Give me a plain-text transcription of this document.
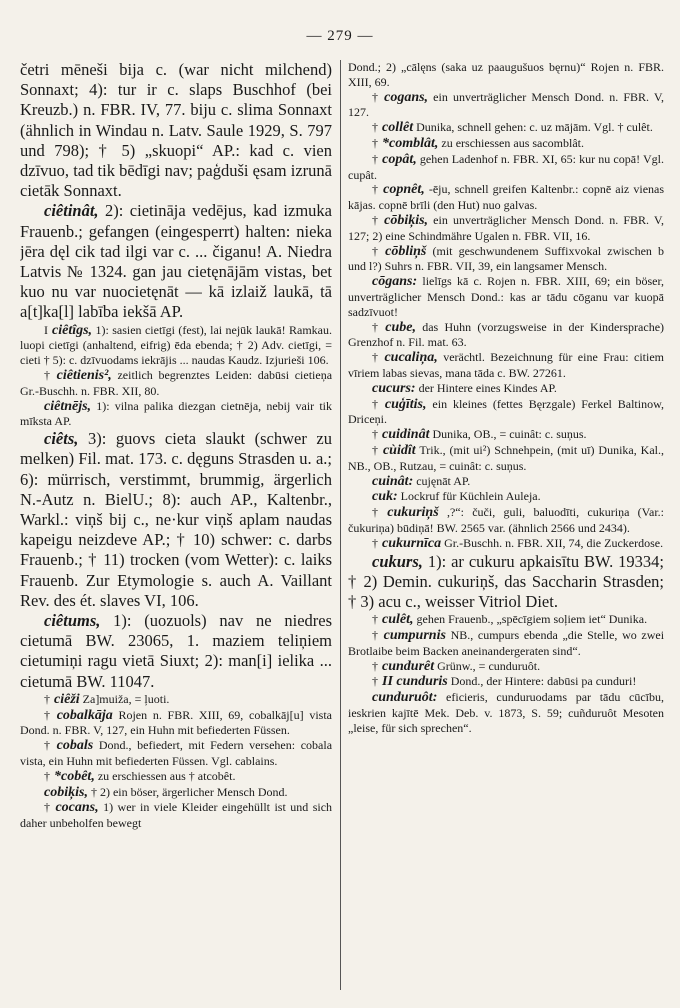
— 279 —

četri mēneši bija c. (war nicht milchend) Sonnaxt; 4): tur ir c. slaps Buschhof (bei Kreuzb.) n. FBR. IV, 77. biju c. slima Sonnaxt (ähnlich in Windau n. Latv. Saule 1929, S. 797 und 798); † 5) „skuopi“ AP.: kad c. vien dzīvuo, tad tik bēdīgi nav; paģduši ęsam izrunā cietāk Sonnaxt.

ciêtinât, 2): cietināja vedējus, kad izmuka Frauenb.; gefangen (eingesperrt) halten: nieka jēra dęl cik tad ilgi var c. ... čiganu! A. Niedra Latvis № 1324. gan jau cietęnājām vistas, bet kuo nu var nuocietęnāt — kā izlaiž laukā, tā a[t]ka[l] labība iekšā AP.

I ciêtîgs, 1): sasien cietīgi (fest), lai nejūk laukā! Ramkau. luopi cietīgi (anhaltend, eifrig) ēda ebenda; † 2) Adv. cietīgi, = cieti † 5): c. dzīvuodams iekrājis ... naudas Kaudz. Izjurieši 106.

† ciêtienis², zeitlich begrenztes Leiden: dabūsi cietieņa Gr.-Buschh. n. FBR. XII, 80.

ciêtnējs, 1): vilna palika diezgan cietnēja, nebij vair tik mīksta AP.

ciêts, 3): guovs cieta slaukt (schwer zu melken) Fil. mat. 173. c. dęguns Strasden u. a.; 6): mürrisch, verstimmt, brummig, ärgerlich N.-Autz n. BielU.; 8): auch AP., Kaltenbr., Warkl.: viņš bij c., ne·kur viņš aplam naudas kapeigu neizdeve AP.; † 10) schwer: c. darbs Frauenb.; † 11) trocken (vom Wetter): c. laiks Frauenb. Zur Etymologie s. auch A. Vaillant Rev. des ét. slaves VI, 106.

ciêtums, 1): (uozuols) nav ne niedres cietumā BW. 23065, 1. maziem teliņiem cietumiņi ragu vietā Siuxt; 2): man[i] ielika ... cietumā BW. 11047.

† ciêži Za]muiža, = ļuoti.

† cobalkāja Rojen n. FBR. XIII, 69, cobalkāj[u] vista Dond. n. FBR. V, 127, ein Huhn mit befiederten Füssen.

† cobals Dond., befiedert, mit Federn versehen: cobala vista, ein Huhn mit befiederten Füssen. Vgl. cablains.

† *cobêt, zu erschiessen aus † atcobêt.

cobiķis, † 2) ein böser, ärgerlicher Mensch Dond.

† cocans, 1) wer in viele Kleider eingehüllt ist und sich daher unbeholfen bewegt

Dond.; 2) „cālęns (saka uz paaugušuos bęrnu)“ Rojen n. FBR. XIII, 69.

† cogans, ein unverträglicher Mensch Dond. n. FBR. V, 127.

† collêt Dunika, schnell gehen: c. uz mājām. Vgl. † culêt.

† *comblât, zu erschiessen aus sacomblât.

† copât, gehen Ladenhof n. FBR. XI, 65: kur nu copā! Vgl. cupât.

† copnêt, -ēju, schnell greifen Kaltenbr.: copnē aiz vienas kājas. copnē brīli (den Hut) nuo galvas.

† cōbiķis, ein unverträglicher Mensch Dond. n. FBR. V, 127; 2) eine Schindmähre Ugalen n. FBR. VII, 16.

† cōbliņš (mit geschwundenem Suffixvokal zwischen b und l?) Suhrs n. FBR. VII, 39, ein langsamer Mensch.

cōgans: lielīgs kā c. Rojen n. FBR. XIII, 69; ein böser, unverträglicher Mensch Dond.: kas ar tādu cōganu var kuopā sadzīvuot!

† cube, das Huhn (vorzugsweise in der Kindersprache) Grenzhof n. Fil. mat. 63.

† cucaliņa, verächtl. Bezeichnung für eine Frau: citiem vīriem labas sievas, mana tāda c. BW. 27261.

cucurs: der Hintere eines Kindes AP.

† cuģītis, ein kleines (fettes Bęrzgale) Ferkel Baltinow, Driceņi.

† cuidinât Dunika, OB., = cuinât: c. suņus.

† cùidît Trik., (mit ui²) Schnehpein, (mit uī) Dunika, Kal., NB., OB., Rutzau, = cuinât: c. suņus.

cuinât: cujęnāt AP.

cuk: Lockruf für Küchlein Auleja.

† cukuriņš ,?“: čuči, guli, baluodīti, cukuriņa (Var.: čukuriņa) būdiņā! BW. 2565 var. (ähnlich 2566 und 2434).

† cukurnīca Gr.-Buschh. n. FBR. XII, 74, die Zuckerdose.

cukurs, 1): ar cukuru apkaisītu BW. 19334; † 2) Demin. cukuriņš, das Saccharin Strasden; † 3) acu c., weisser Vitriol Diet.

† culêt, gehen Frauenb., „spēcīgiem soļiem iet“ Dunika.

† cumpurnis NB., cumpurs ebenda „die Stelle, wo zwei Brotlaibe beim Backen aneinandergeraten sind“.

† cundurêt Grünw., = cunduruôt.

† II cunduris Dond., der Hintere: dabūsi pa cunduri!

cunduruôt: eficieris, cunduruodams par tādu cūcību, ieskrien kajītē Mek. Deb. v. 1873, S. 59; cuñduruôt Mesoten „leise, für sich sprechen“.
